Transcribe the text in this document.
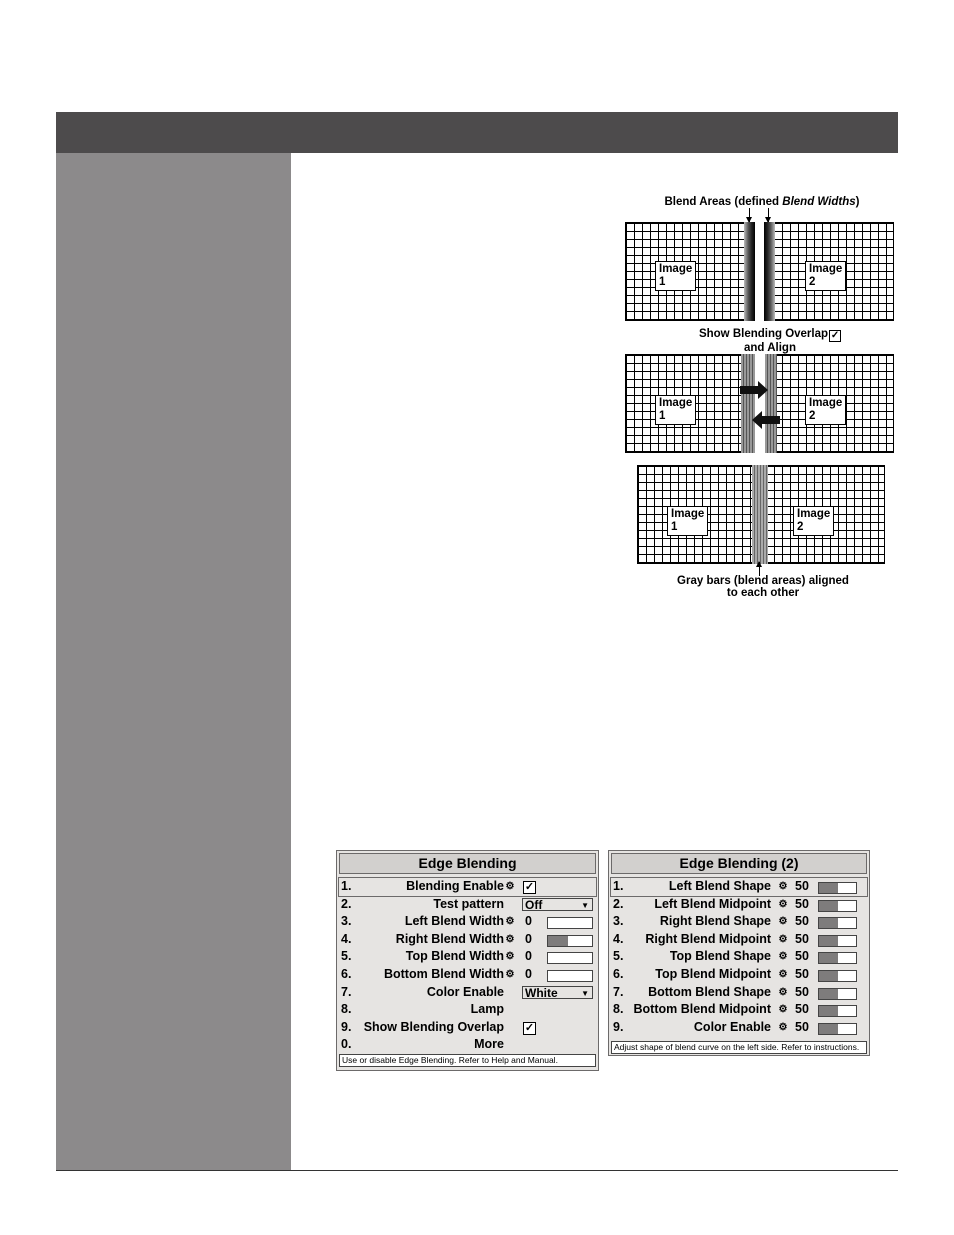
Blend Areas (defined Blend Widths)
Image 1
Image 2
Show Blending Overlap ✓
and Align
Image 1
Image 2
Image 1
Image 2
Gray bars (blend areas) aligned
to each other
Edge Blending
1.	Blending Enable ⚙ ✓
2.	Test pattern Off	▼
3.	Left Blend Width ⚙ 0
4.	Right Blend Width ⚙ 0
5.	Top Blend Width ⚙ 0
6.	Bottom Blend Width ⚙ 0
7.	Color Enable White	▼
8.	Lamp
9. Show Blending Overlap ✓
0.	More
Use or disable Edge Blending. Refer to Help and Manual.
Edge Blending (2)
1.	Left Blend Shape ⚙ 50
2. Left Blend Midpoint ⚙ 50
3.	Right Blend Shape ⚙ 50
4. Right Blend Midpoint ⚙ 50
5.	Top Blend Shape ⚙ 50
6.	Top Blend Midpoint ⚙ 50
7. Bottom Blend Shape ⚙ 50
8. Bottom Blend Midpoint ⚙ 50
9.	Color Enable ⚙ 50
Adjust shape of blend curve on the left side. Refer to instructions.
